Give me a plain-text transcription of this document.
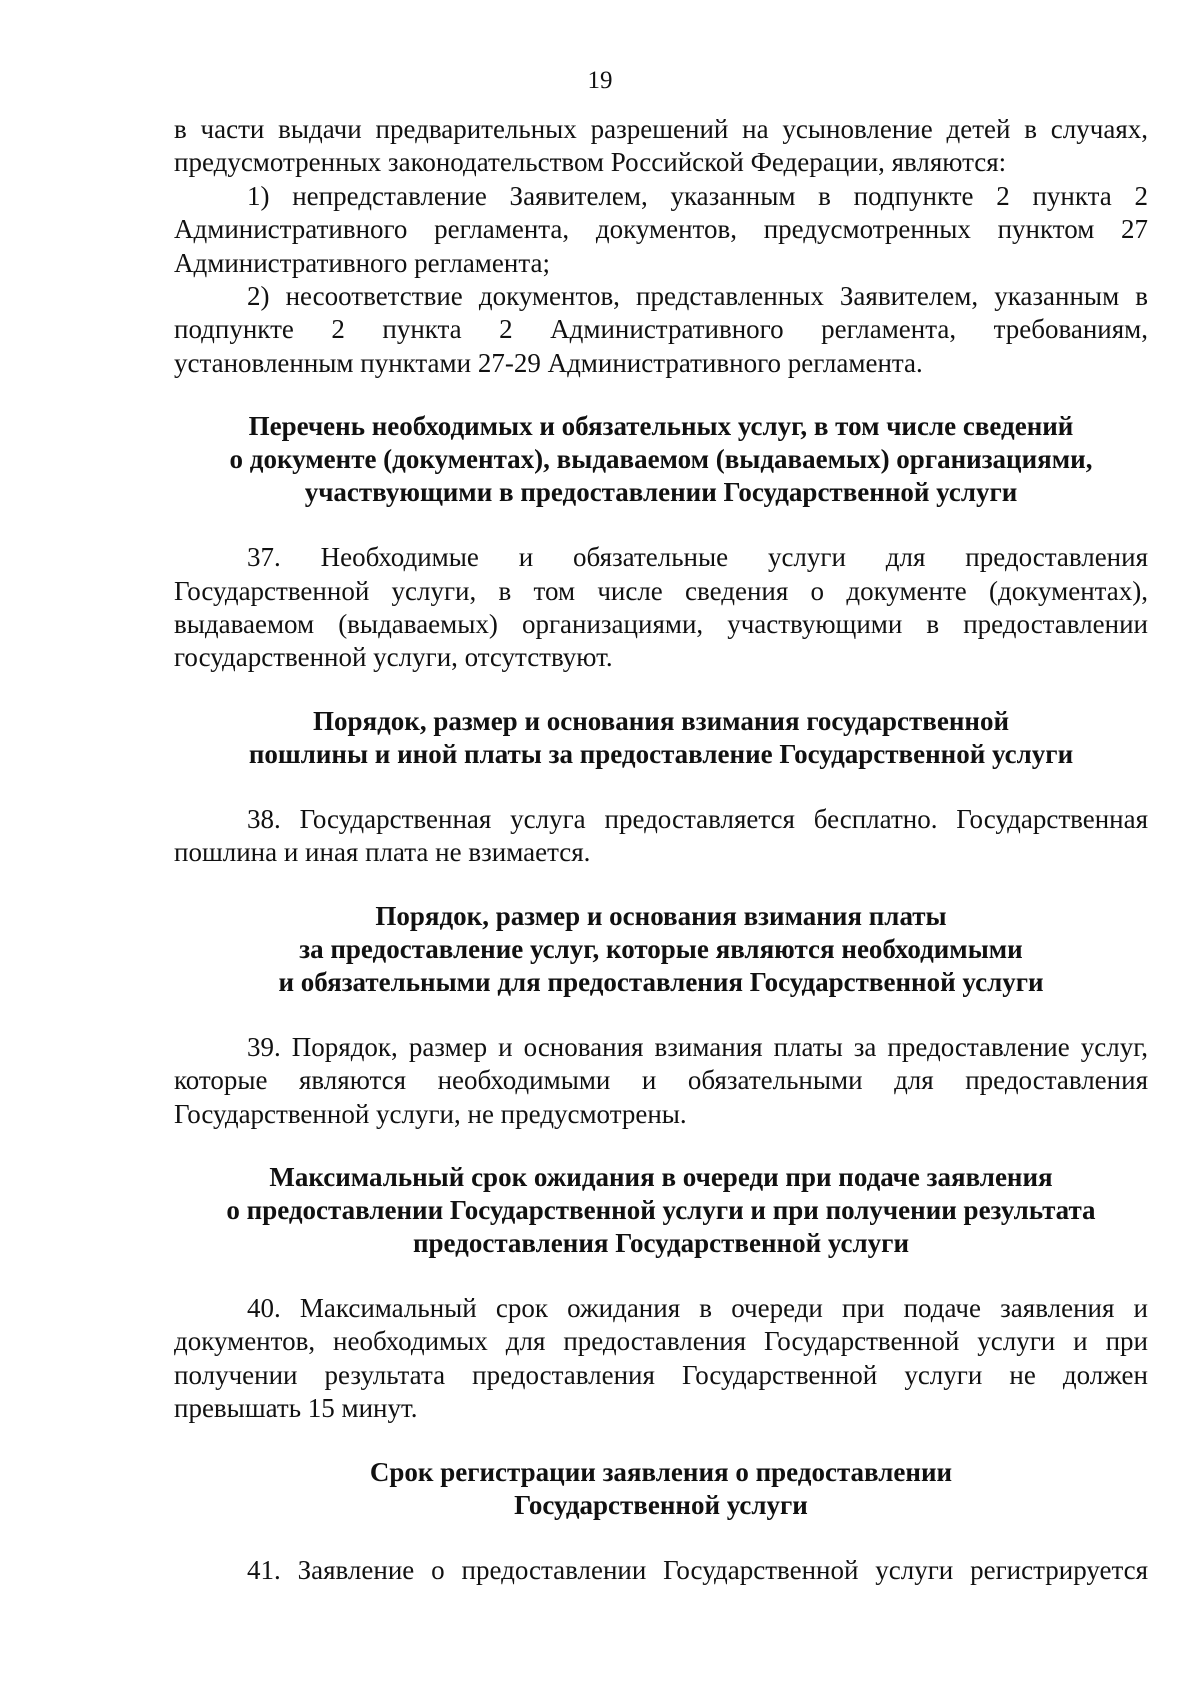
19

в части выдачи предварительных разрешений на усыновление детей в случаях,

предусмотренных законодательством Российской Федерации, являются:

1) непредставление Заявителем, указанным в подпункте 2 пункта 2 Административного регламента, документов, предусмотренных пунктом 27 Административного регламента;

2) несоответствие документов, представленных Заявителем, указанным в подпункте 2 пункта 2 Административного регламента, требованиям, установленным пунктами 27-29 Административного регламента.

Перечень необходимых и обязательных услуг, в том числе сведений
о документе (документах), выдаваемом (выдаваемых) организациями,
участвующими в предоставлении Государственной услуги

37. Необходимые и обязательные услуги для предоставления Государственной услуги, в том числе сведения о документе (документах), выдаваемом (выдаваемых) организациями, участвующими в предоставлении государственной услуги, отсутствуют.

Порядок, размер и основания взимания государственной
пошлины и иной платы за предоставление Государственной услуги

38. Государственная услуга предоставляется бесплатно. Государственная пошлина и иная плата не взимается.

Порядок, размер и основания взимания платы
за предоставление услуг, которые являются необходимыми
и обязательными для предоставления Государственной услуги

39. Порядок, размер и основания взимания платы за предоставление услуг, которые являются необходимыми и обязательными для предоставления Государственной услуги, не предусмотрены.

Максимальный срок ожидания в очереди при подаче заявления
о предоставлении Государственной услуги и при получении результата
предоставления Государственной услуги

40. Максимальный срок ожидания в очереди при подаче заявления и документов, необходимых для предоставления Государственной услуги и при получении результата предоставления Государственной услуги не должен превышать 15 минут.

Срок регистрации заявления о предоставлении
Государственной услуги

41. Заявление о предоставлении Государственной услуги регистрируется
